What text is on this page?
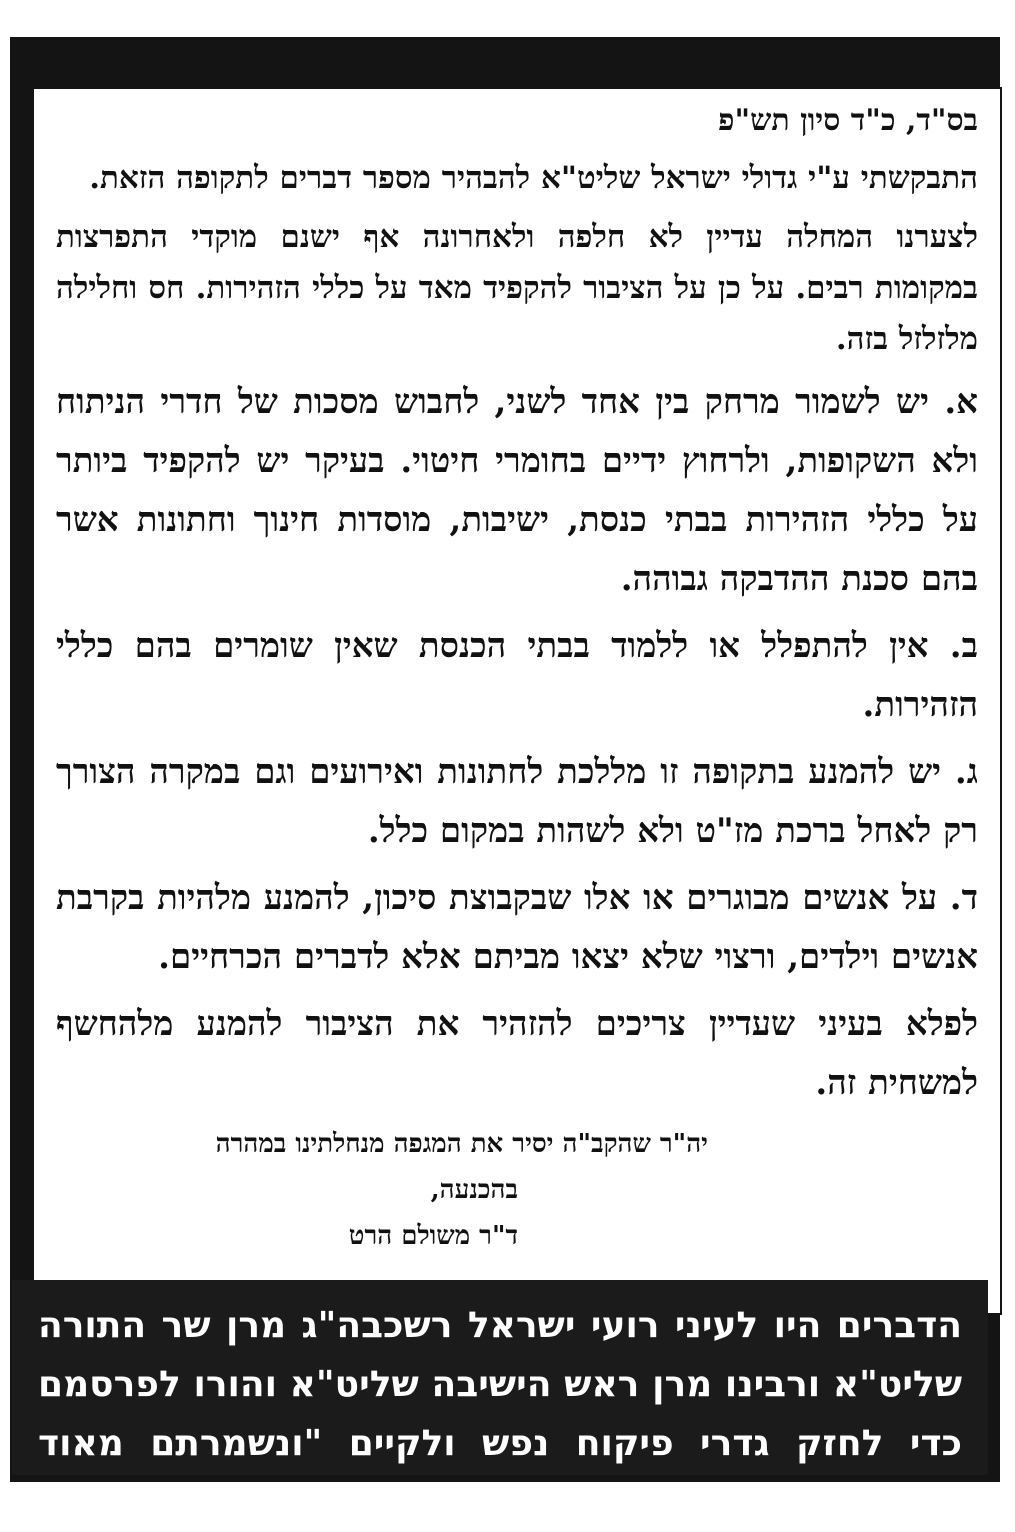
בס"ד, כ"ד סיון תש"פ
התבקשתי ע"י גדולי ישראל שליט"א להבהיר מספר דברים לתקופה הזאת.
לצערנו המחלה עדיין לא חלפה ולאחרונה אף ישנם מוקדי התפרצות במקומות רבים. על כן על הציבור להקפיד מאד על כללי הזהירות. חס וחלילה מלזלזל בזה.
א. יש לשמור מרחק בין אחד לשני, לחבוש מסכות של חדרי הניתוח ולא השקופות, ולרחוץ ידיים בחומרי חיטוי. בעיקר יש להקפיד ביותר על כללי הזהירות בבתי כנסת, ישיבות, מוסדות חינוך וחתונות אשר בהם סכנת ההדבקה גבוהה.
ב. אין להתפלל או ללמוד בבתי הכנסת שאין שומרים בהם כללי הזהירות.
ג. יש להמנע בתקופה זו מללכת לחתונות ואירועים וגם במקרה הצורך רק לאחל ברכת מז"ט ולא לשהות במקום כלל.
ד. על אנשים מבוגרים או אלו שבקבוצת סיכון, להמנע מלהיות בקרבת אנשים וילדים, ורצוי שלא יצאו מביתם אלא לדברים הכרחיים.
לפלא בעיני שעדיין צריכים להזהיר את הציבור להמנע מלהחשף למשחית זה.
יה"ר שהקב"ה יסיר את המגפה מנחלתינו במהרה
בהכנעה,
ד"ר משולם הרט
הדברים היו לעיני רועי ישראל רשכבה"ג מרן שר התורה שליט"א ורבינו מרן ראש הישיבה שליט"א והורו לפרסמם כדי לחזק גדרי פיקוח נפש ולקיים "ונשמרתם מאוד לנפשותיכם"
